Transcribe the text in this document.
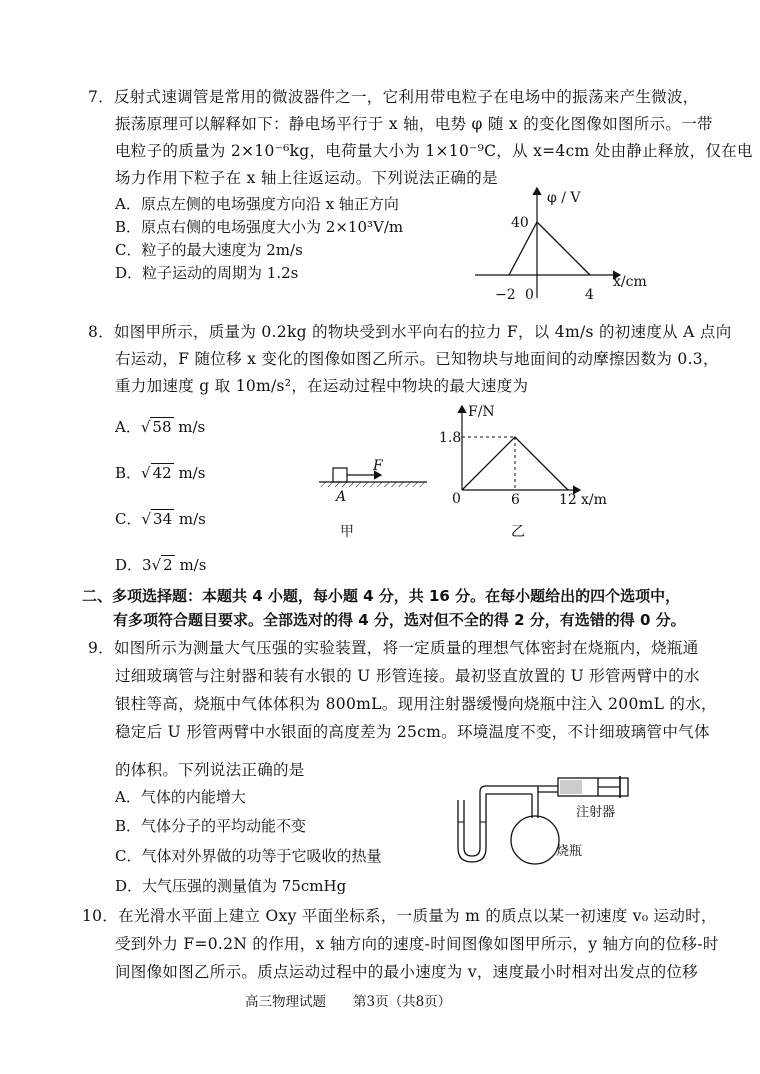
7．反射式速调管是常用的微波器件之一，它利用带电粒子在电场中的振荡来产生微波，
振荡原理可以解释如下：静电场平行于 x 轴，电势 φ 随 x 的变化图像如图所示。一带
电粒子的质量为 2×10⁻⁶kg，电荷量大小为 1×10⁻⁹C，从 x=4cm 处由静止释放，仅在电
场力作用下粒子在 x 轴上往返运动。下列说法正确的是
A．原点左侧的电场强度方向沿 x 轴正方向
B．原点右侧的电场强度大小为 2×10³V/m
C．粒子的最大速度为 2m/s
D．粒子运动的周期为 1.2s
φ / V
40
x/cm
−2 0	4
8．如图甲所示，质量为 0.2kg 的物块受到水平向右的拉力 F，以 4m/s 的初速度从 A 点向
右运动，F 随位移 x 变化的图像如图乙所示。已知物块与地面间的动摩擦因数为 0.3，
重力加速度 g 取 10m/s²，在运动过程中物块的最大速度为
A．√ 58 m/s
B．√ 42 m/s
C．√ 34 m/s
D．3√ 2 m/s
F
A
甲
F/N
1.8
0	6	12 x/m
乙
二、多项选择题：本题共 4 小题，每小题 4 分，共 16 分。在每小题给出的四个选项中，
有多项符合题目要求。全部选对的得 4 分，选对但不全的得 2 分，有选错的得 0 分。
9．如图所示为测量大气压强的实验装置，将一定质量的理想气体密封在烧瓶内，烧瓶通
过细玻璃管与注射器和装有水银的 U 形管连接。最初竖直放置的 U 形管两臂中的水
银柱等高，烧瓶中气体体积为 800mL。现用注射器缓慢向烧瓶中注入 200mL 的水，
稳定后 U 形管两臂中水银面的高度差为 25cm。环境温度不变，不计细玻璃管中气体
的体积。下列说法正确的是
A．气体的内能增大
B．气体分子的平均动能不变
C．气体对外界做的功等于它吸收的热量
D．大气压强的测量值为 75cmHg
注射器
烧瓶
10．在光滑水平面上建立 Oxy 平面坐标系，一质量为 m 的质点以某一初速度 v₀ 运动时，
受到外力 F=0.2N 的作用，x 轴方向的速度-时间图像如图甲所示，y 轴方向的位移-时
间图像如图乙所示。质点运动过程中的最小速度为 v，速度最小时相对出发点的位移
高三物理试题　　第3页（共8页）
